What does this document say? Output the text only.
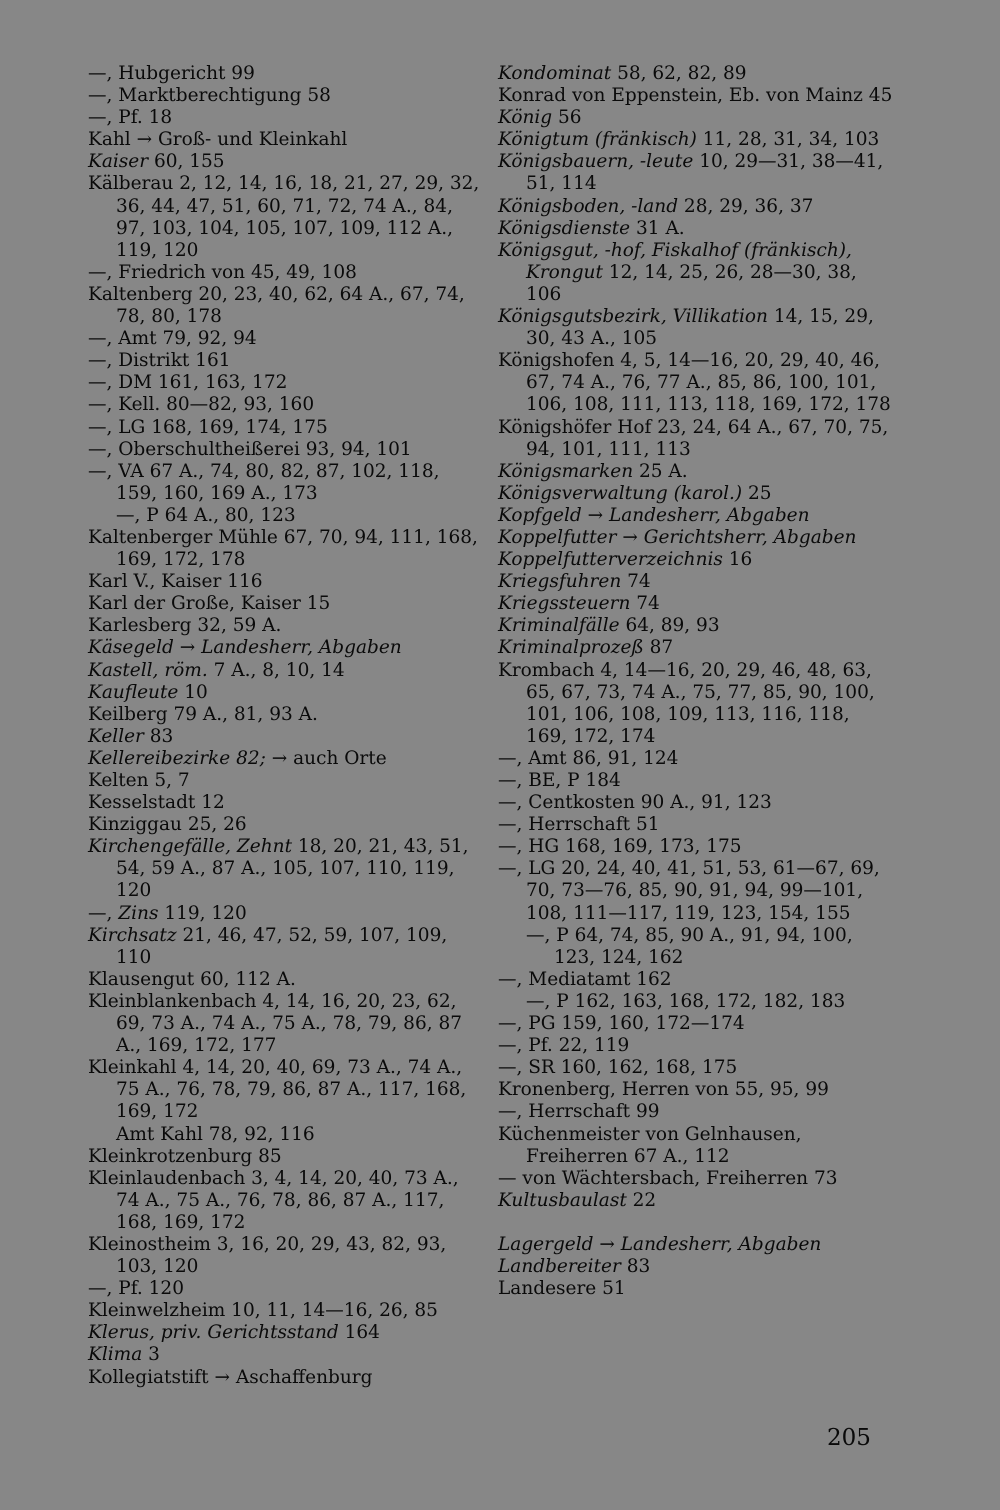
—, Hubgericht 99
—, Marktberechtigung 58
—, Pf. 18
Kahl → Groß- und Kleinkahl
Kaiser 60, 155
Kälberau 2, 12, 14, 16, 18, 21, 27, 29, 32, 36, 44, 47, 51, 60, 71, 72, 74 A., 84, 97, 103, 104, 105, 107, 109, 112 A., 119, 120
—, Friedrich von 45, 49, 108
Kaltenberg 20, 23, 40, 62, 64 A., 67, 74, 78, 80, 178
—, Amt 79, 92, 94
—, Distrikt 161
—, DM 161, 163, 172
—, Kell. 80—82, 93, 160
—, LG 168, 169, 174, 175
—, Oberschultheißerei 93, 94, 101
—, VA 67 A., 74, 80, 82, 87, 102, 118, 159, 160, 169 A., 173
—, P 64 A., 80, 123
Kaltenberger Mühle 67, 70, 94, 111, 168, 169, 172, 178
Karl V., Kaiser 116
Karl der Große, Kaiser 15
Karlesberg 32, 59 A.
Käsegeld → Landesherr, Abgaben
Kastell, röm. 7 A., 8, 10, 14
Kaufleute 10
Keilberg 79 A., 81, 93 A.
Keller 83
Kellereibezirke 82; → auch Orte
Kelten 5, 7
Kesselstadt 12
Kinziggau 25, 26
Kirchengefälle, Zehnt 18, 20, 21, 43, 51, 54, 59 A., 87 A., 105, 107, 110, 119, 120
—, Zins 119, 120
Kirchsatz 21, 46, 47, 52, 59, 107, 109, 110
Klausengut 60, 112 A.
Kleinblankenbach 4, 14, 16, 20, 23, 62, 69, 73 A., 74 A., 75 A., 78, 79, 86, 87 A., 169, 172, 177
Kleinkahl 4, 14, 20, 40, 69, 73 A., 74 A., 75 A., 76, 78, 79, 86, 87 A., 117, 168, 169, 172
Amt Kahl 78, 92, 116
Kleinkrotzenburg 85
Kleinlaudenbach 3, 4, 14, 20, 40, 73 A., 74 A., 75 A., 76, 78, 86, 87 A., 117, 168, 169, 172
Kleinostheim 3, 16, 20, 29, 43, 82, 93, 103, 120
—, Pf. 120
Kleinwelzheim 10, 11, 14—16, 26, 85
Klerus, priv. Gerichtsstand 164
Klima 3
Kollegiatstift → Aschaffenburg
Kondominat 58, 62, 82, 89
Konrad von Eppenstein, Eb. von Mainz 45
König 56
Königtum (fränkisch) 11, 28, 31, 34, 103
Königsbauern, -leute 10, 29—31, 38—41, 51, 114
Königsboden, -land 28, 29, 36, 37
Königsdienste 31 A.
Königsgut, -hof, Fiskalhof (fränkisch), Krongut 12, 14, 25, 26, 28—30, 38, 106
Königsgutsbezirk, Villikation 14, 15, 29, 30, 43 A., 105
Königshofen 4, 5, 14—16, 20, 29, 40, 46, 67, 74 A., 76, 77 A., 85, 86, 100, 101, 106, 108, 111, 113, 118, 169, 172, 178
Königshöfer Hof 23, 24, 64 A., 67, 70, 75, 94, 101, 111, 113
Königsmarken 25 A.
Königsverwaltung (karol.) 25
Kopfgeld → Landesherr, Abgaben
Koppelfutter → Gerichtsherr, Abgaben
Koppelfutterverzeichnis 16
Kriegsfuhren 74
Kriegssteuern 74
Kriminalfälle 64, 89, 93
Kriminalprozeß 87
Krombach 4, 14—16, 20, 29, 46, 48, 63, 65, 67, 73, 74 A., 75, 77, 85, 90, 100, 101, 106, 108, 109, 113, 116, 118, 169, 172, 174
—, Amt 86, 91, 124
—, BE, P 184
—, Centkosten 90 A., 91, 123
—, Herrschaft 51
—, HG 168, 169, 173, 175
—, LG 20, 24, 40, 41, 51, 53, 61—67, 69, 70, 73—76, 85, 90, 91, 94, 99—101, 108, 111—117, 119, 123, 154, 155
—, P 64, 74, 85, 90 A., 91, 94, 100, 123, 124, 162
—, Mediatamt 162
—, P 162, 163, 168, 172, 182, 183
—, PG 159, 160, 172—174
—, Pf. 22, 119
—, SR 160, 162, 168, 175
Kronenberg, Herren von 55, 95, 99
—, Herrschaft 99
Küchenmeister von Gelnhausen, Freiherren 67 A., 112
— von Wächtersbach, Freiherren 73
Kultusbaulast 22
Lagergeld → Landesherr, Abgaben
Landbereiter 83
Landesere 51
205
